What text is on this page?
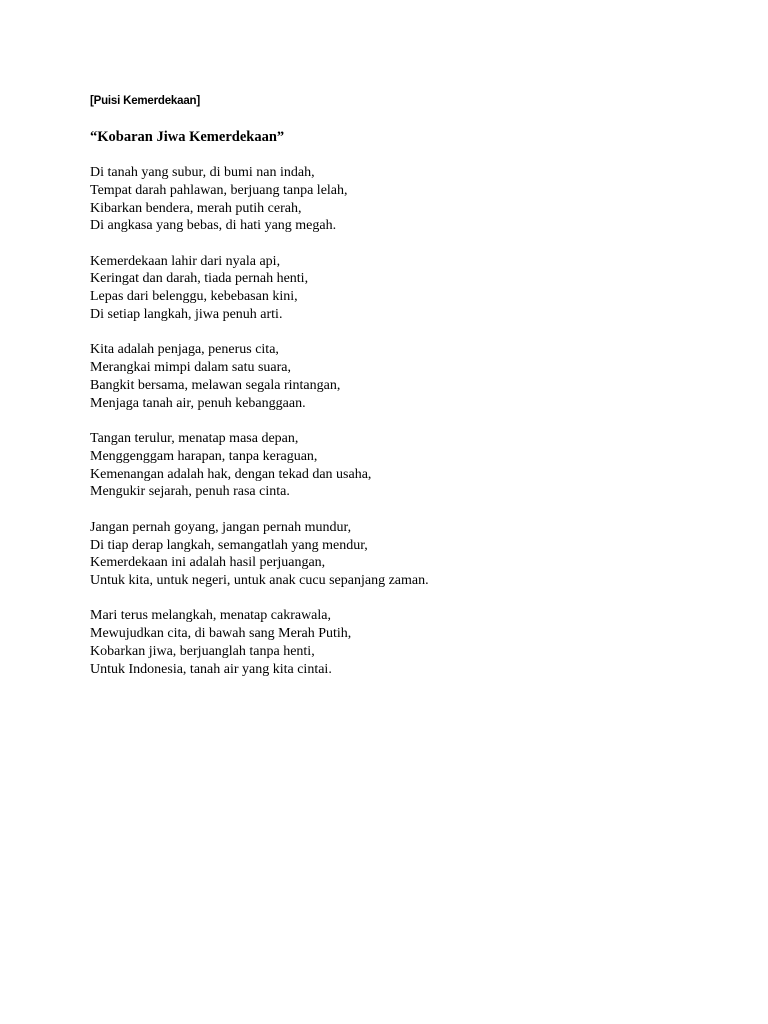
[Puisi Kemerdekaan]

“Kobaran Jiwa Kemerdekaan”

Di tanah yang subur, di bumi nan indah,
Tempat darah pahlawan, berjuang tanpa lelah,
Kibarkan bendera, merah putih cerah,
Di angkasa yang bebas, di hati yang megah.
Kemerdekaan lahir dari nyala api,
Keringat dan darah, tiada pernah henti,
Lepas dari belenggu, kebebasan kini,
Di setiap langkah, jiwa penuh arti.
Kita adalah penjaga, penerus cita,
Merangkai mimpi dalam satu suara,
Bangkit bersama, melawan segala rintangan,
Menjaga tanah air, penuh kebanggaan.
Tangan terulur, menatap masa depan,
Menggenggam harapan, tanpa keraguan,
Kemenangan adalah hak, dengan tekad dan usaha,
Mengukir sejarah, penuh rasa cinta.
Jangan pernah goyang, jangan pernah mundur,
Di tiap derap langkah, semangatlah yang mendur,
Kemerdekaan ini adalah hasil perjuangan,
Untuk kita, untuk negeri, untuk anak cucu sepanjang zaman.
Mari terus melangkah, menatap cakrawala,
Mewujudkan cita, di bawah sang Merah Putih,
Kobarkan jiwa, berjuanglah tanpa henti,
Untuk Indonesia, tanah air yang kita cintai.
